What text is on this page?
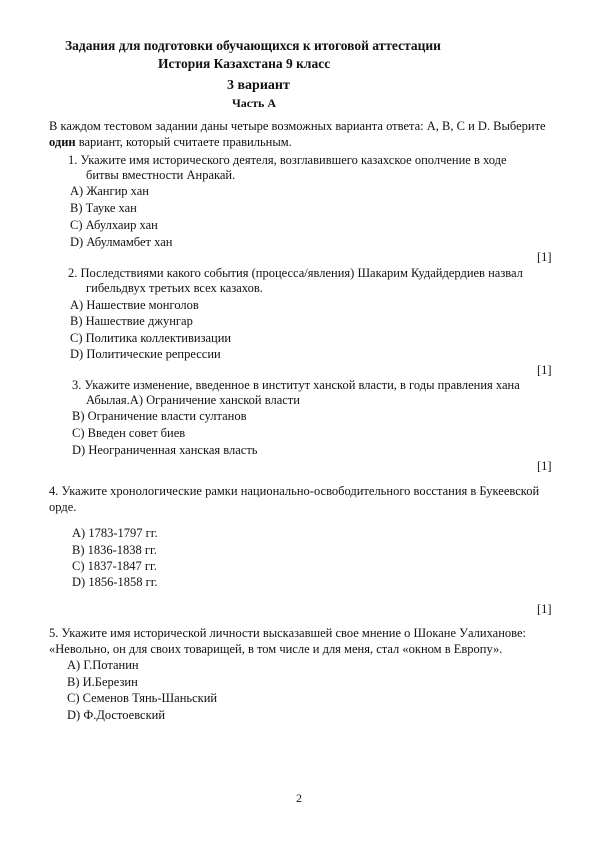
Задания для подготовки обучающихся к итоговой аттестации
История Казахстана 9 класс
3 вариант
Часть А
В каждом тестовом задании даны четыре возможных варианта ответа: A, B, C и D. Выберите
один вариант, который считаете правильным.
1. Укажите имя исторического деятеля, возглавившего казахское ополчение в ходе
битвы вместности Анракай.
A) Жангир хан
B) Тауке хан
C) Абулхаир хан
D) Абулмамбет хан
[1]
2. Последствиями какого события (процесса/явления) Шакарим Кудайдердиев назвал
гибельдвух третьих всех казахов.
A) Нашествие монголов
B) Нашествие джунгар
C) Политика коллективизации
D) Политические репрессии
[1]
3. Укажите изменение, введенное в институт ханской власти, в годы правления хана
Абылая.A) Ограничение ханской власти
B) Ограничение власти султанов
C) Введен совет биев
D) Неограниченная ханская власть
[1]
4. Укажите хронологические рамки национально-освободительного восстания в Букеевской
орде.
A) 1783-1797 гг.
B) 1836-1838 гг.
C) 1837-1847 гг.
D) 1856-1858 гг.
[1]
5. Укажите имя исторической личности высказавшей свое мнение о Шокане Уалиханове:
«Невольно, он для своих товарищей, в том числе и для меня, стал «окном в Европу».
A) Г.Потанин
B) И.Березин
C) Семенов Тянь-Шаньский
D) Ф.Достоевский
2
